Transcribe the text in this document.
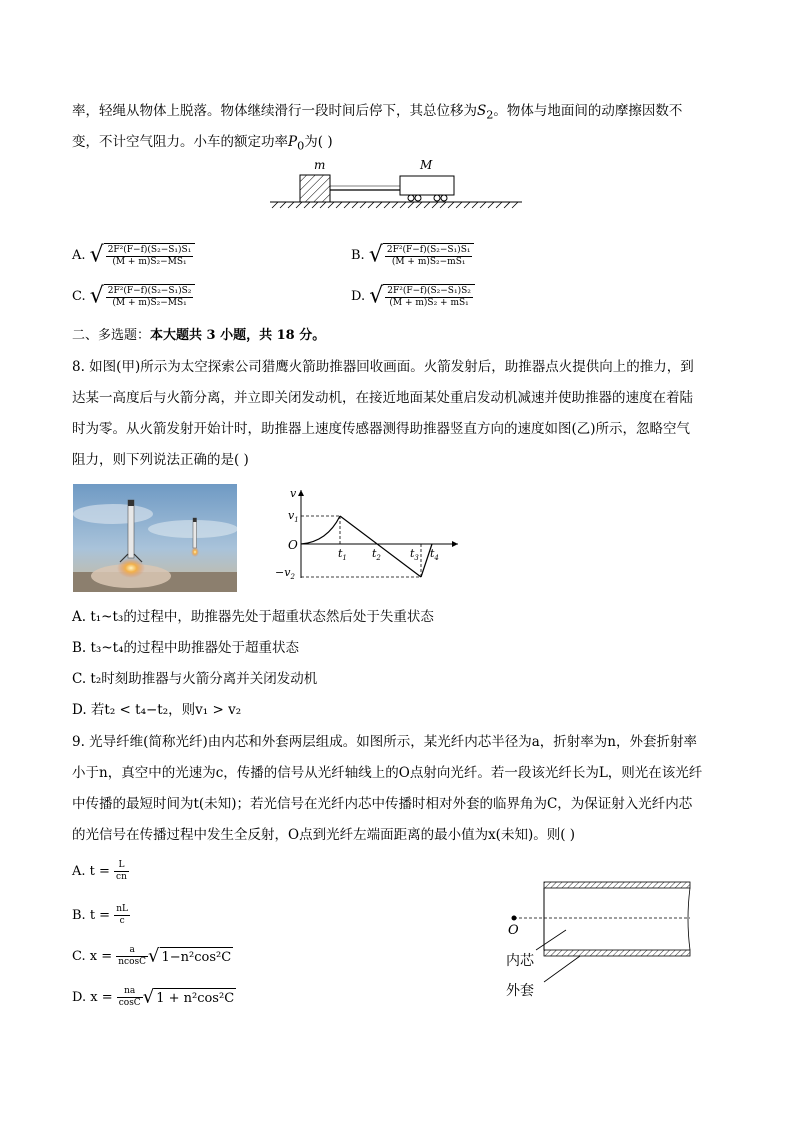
率，轻绳从物体上脱落。物体继续滑行一段时间后停下，其总位移为$S_2$。物体与地面间的动摩擦因数不
变，不计空气阻力。小车的额定功率$P_0$为( )
m	M
A. √ $\frac{\text{2F²(F−f)(S₂−S₁)S₁}}{\text{(M + m)S₂−MS₁}}$	B. √ $\frac{\text{2F²(F−f)(S₂−S₁)S₁}}{\text{(M + m)S₂−mS₁}}$
C. √ $\frac{\text{2F²(F−f)(S₂−S₁)S₂}}{\text{(M + m)S₂−MS₁}}$	D. √ $\frac{\text{2F²(F−f)(S₂−S₁)S₂}}{\text{(M + m)S₂ + mS₁}}$
二、多选题：本大题共 3 小题，共 18 分。
8. 如图(甲)所示为太空探索公司猎鹰火箭助推器回收画面。火箭发射后，助推器点火提供向上的推力，到
达某一高度后与火箭分离，并立即关闭发动机，在接近地面某处重启发动机减速并使助推器的速度在着陆
时为零。从火箭发射开始计时，助推器上速度传感器测得助推器竖直方向的速度如图(乙)所示，忽略空气
阻力，则下列说法正确的是( )
v
$v_1$
O
$-v_2$
$t_1$ $t_2$	$t_3$ $t_4$
A. t₁~t₃的过程中，助推器先处于超重状态然后处于失重状态
B. t₃~t₄的过程中助推器处于超重状态
C. t₂时刻助推器与火箭分离并关闭发动机
D. 若t₂ < t₄−t₂，则v₁ > v₂
9. 光导纤维(简称光纤)由内芯和外套两层组成。如图所示，某光纤内芯半径为a，折射率为n，外套折射率
小于n，真空中的光速为c，传播的信号从光纤轴线上的O点射向光纤。若一段该光纤长为L，则光在该光纤
中传播的最短时间为t(未知)；若光信号在光纤内芯中传播时相对外套的临界角为C，为保证射入光纤内芯
的光信号在传播过程中发生全反射，O点到光纤左端面距离的最小值为x(未知)。则( )
A. $t = \frac{L}{cn}$
B. $t = \frac{nL}{c}$
C. $x = \frac{a}{ncosC}$ √ 1−n²cos²C
D. $x = \frac{na}{\cos C}$ √ 1 + n²cos²C
O
内芯
外套
